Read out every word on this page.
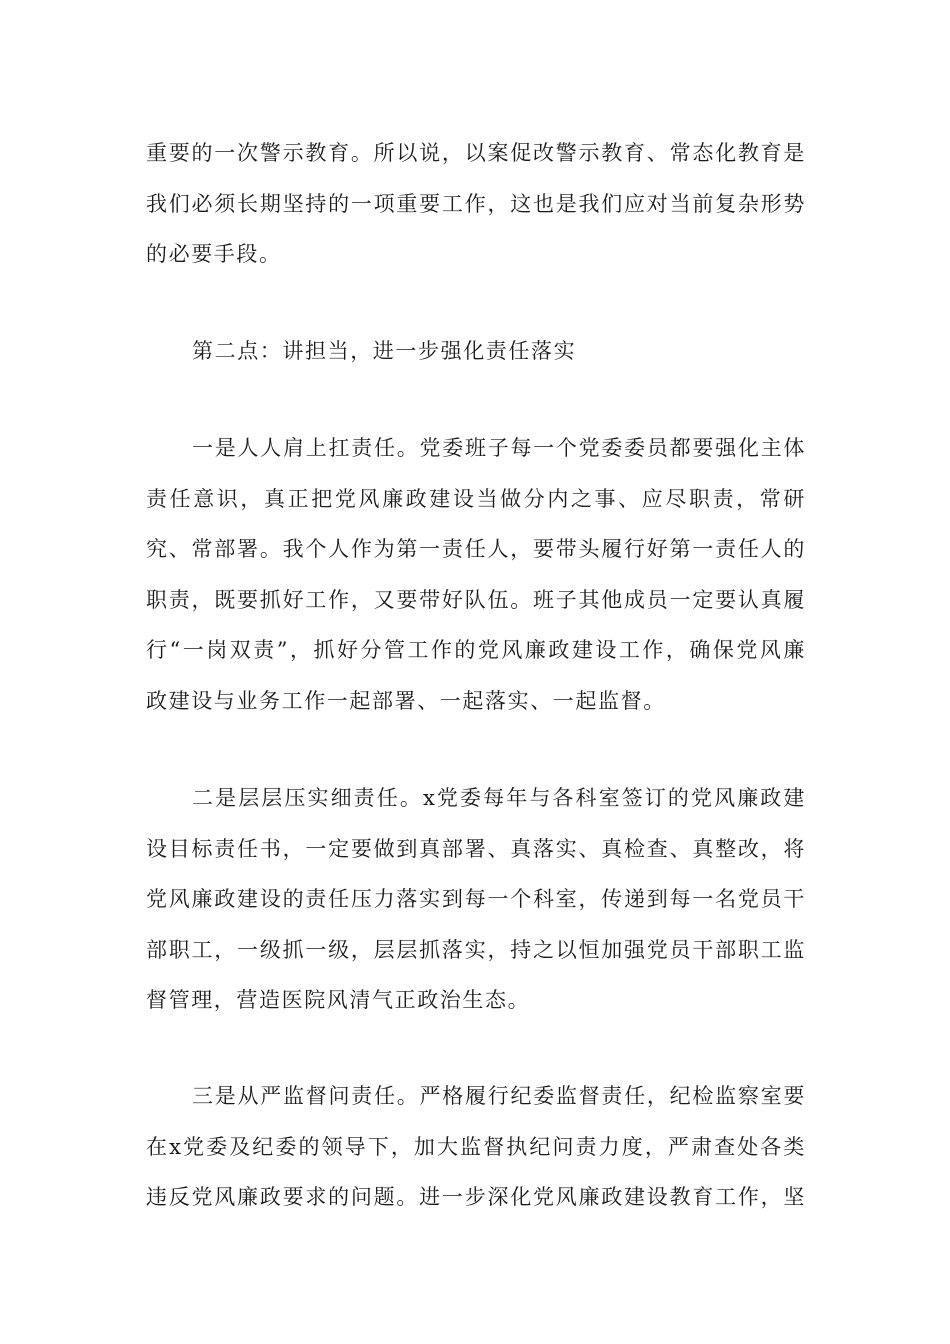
重要的一次警示教育。所以说，以案促改警示教育、常态化教育是
我们必须长期坚持的一项重要工作，这也是我们应对当前复杂形势
的必要手段。

第二点：讲担当，进一步强化责任落实

一是人人肩上扛责任。党委班子每一个党委委员都要强化主体
责任意识，真正把党风廉政建设当做分内之事、应尽职责，常研
究、常部署。我个人作为第一责任人，要带头履行好第一责任人的
职责，既要抓好工作，又要带好队伍。班子其他成员一定要认真履
行“一岗双责”，抓好分管工作的党风廉政建设工作，确保党风廉
政建设与业务工作一起部署、一起落实、一起监督。

二是层层压实细责任。x党委每年与各科室签订的党风廉政建
设目标责任书，一定要做到真部署、真落实、真检查、真整改，将
党风廉政建设的责任压力落实到每一个科室，传递到每一名党员干
部职工，一级抓一级，层层抓落实，持之以恒加强党员干部职工监
督管理，营造医院风清气正政治生态。

三是从严监督问责任。严格履行纪委监督责任，纪检监察室要
在x党委及纪委的领导下，加大监督执纪问责力度，严肃查处各类
违反党风廉政要求的问题。进一步深化党风廉政建设教育工作，坚
